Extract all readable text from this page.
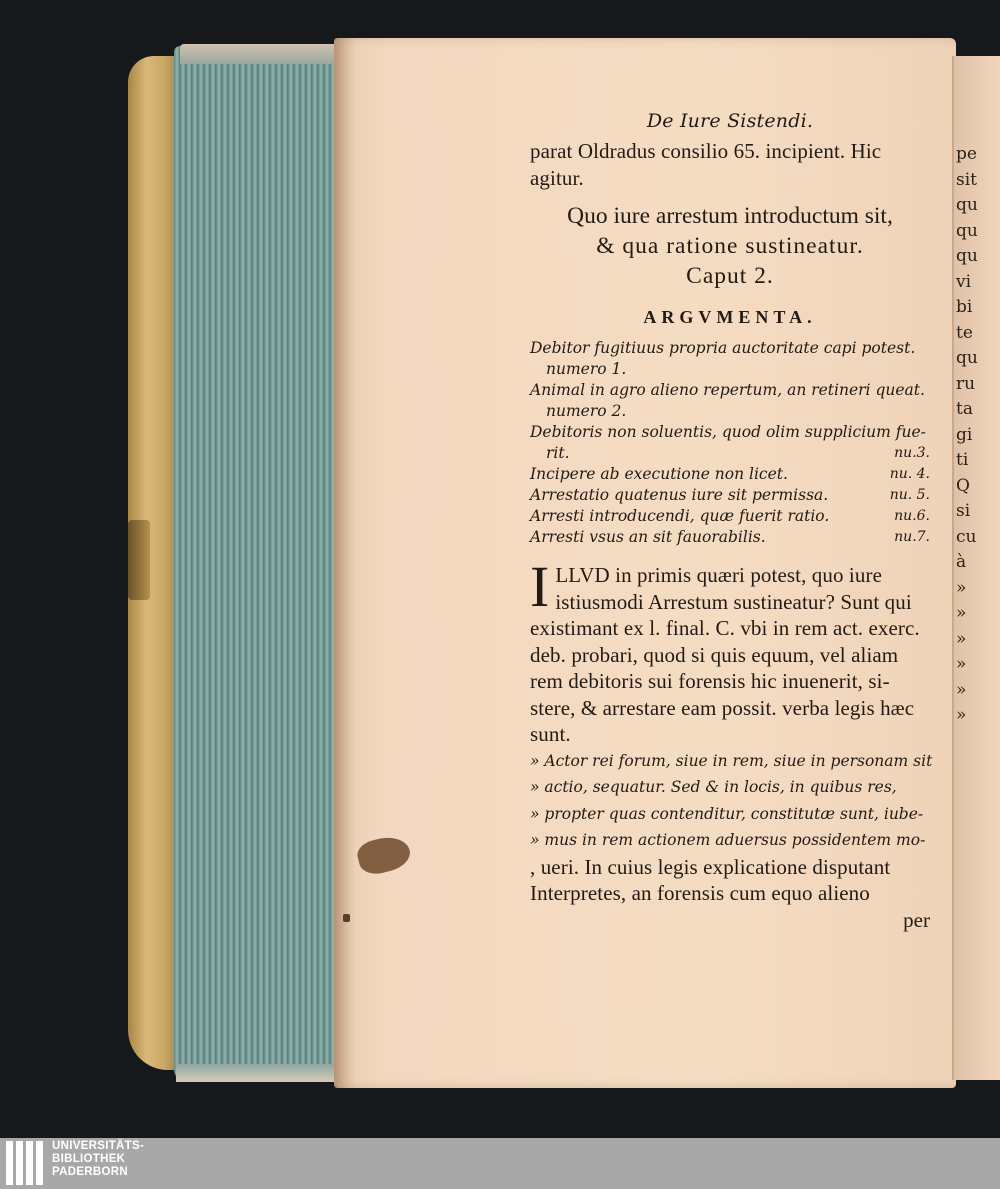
pe
sit
qu
qu
qu
vi
bi
te
qu
ru
ta
gi
ti
Q
si
cu
à
»
»
»
»
»
»
De Iure Sistendi.
parat Oldradus consilio 65. incipient. Hic
agitur.
Quo iure arrestum introductum sit,
& qua ratione sustineatur.
Caput 2.
ARGVMENTA.
Debitor fugitiuus propria auctoritate capi potest.
numero 1.
Animal in agro alieno repertum, an retineri queat.
numero 2.
Debitoris non soluentis, quod olim supplicium fue-
rit.	nu.3.
Incipere ab executione non licet.	nu. 4.
Arrestatio quatenus iure sit permissa.	nu. 5.
Arresti introducendi, quæ fuerit ratio.	nu.6.
Arresti vsus an sit fauorabilis.	nu.7.
I LLVD in primis quæri potest, quo iure
istiusmodi Arrestum sustineatur? Sunt qui
existimant ex l. final. C. vbi in rem act. exerc.
deb. probari, quod si quis equum, vel aliam
rem debitoris sui forensis hic inuenerit, si-
stere, & arrestare eam possit. verba legis hæc
sunt.
» Actor rei forum, siue in rem, siue in personam sit
» actio, sequatur. Sed & in locis, in quibus res,
» propter quas contenditur, constitutæ sunt, iube-
» mus in rem actionem aduersus possidentem mo-
, ueri. In cuius legis explicatione disputant
Interpretes, an forensis cum equo alieno
per
UNIVERSITÄTS-
BIBLIOTHEK
PADERBORN
